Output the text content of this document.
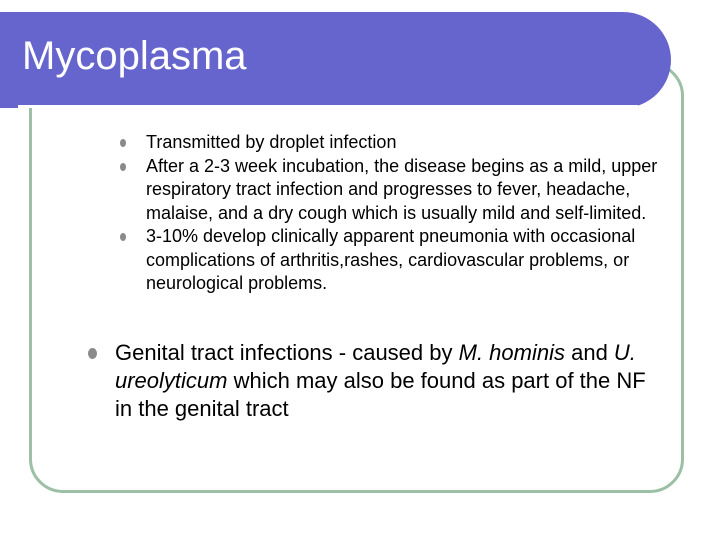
Mycoplasma
Transmitted by droplet infection
After a 2-3 week incubation, the disease begins as a mild, upper respiratory tract infection and progresses to fever, headache, malaise, and a dry cough which is usually mild and self-limited.
3-10% develop clinically apparent pneumonia with occasional complications of arthritis,rashes, cardiovascular problems, or neurological problems.
Genital tract infections - caused by M. hominis and U. ureolyticum which may also be found as part of the NF in the genital tract
